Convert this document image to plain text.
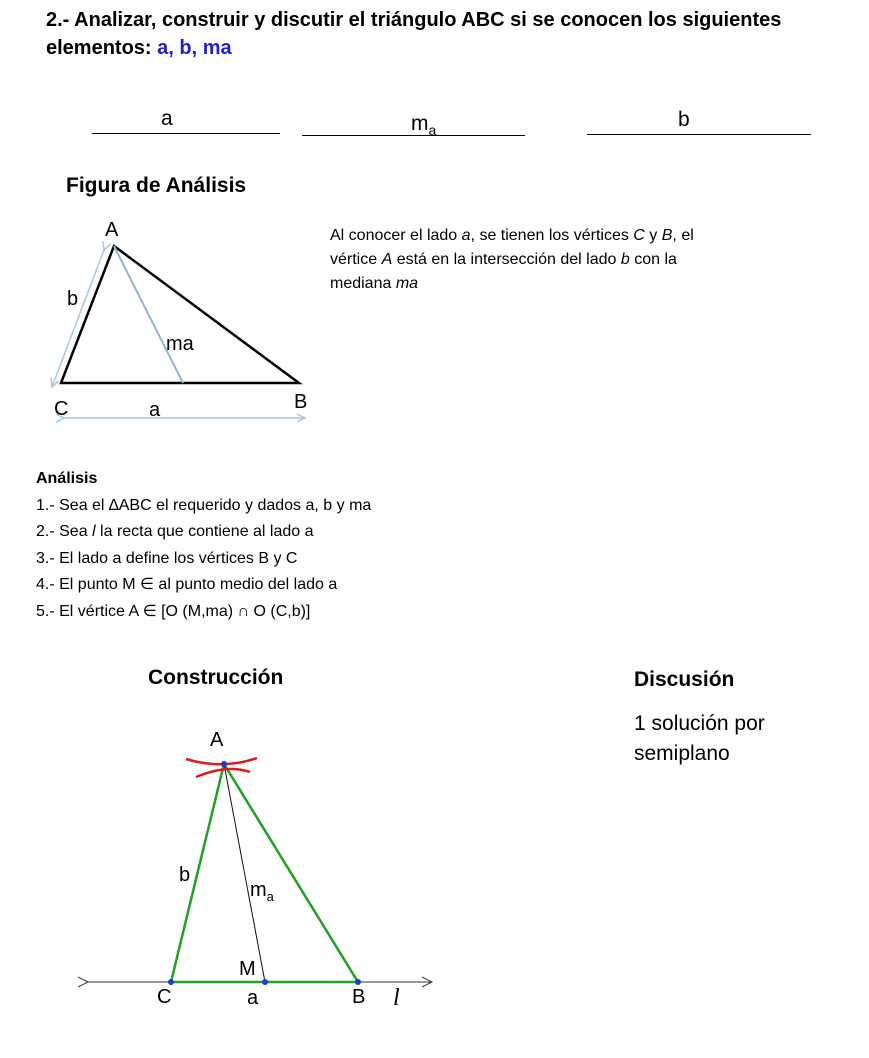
2.- Analizar, construir y discutir el triángulo ABC si se conocen los siguientes elementos: a, b, ma
a	$m_a$	b
Figura de Análisis
A
b
ma
B
C	a
Al conocer el lado a, se tienen los vértices C y B, el vértice A está en la intersección del lado b con la mediana ma
Análisis
1.- Sea el ∆ABC el requerido y dados a, b y ma
2.- Sea l la recta que contiene al lado a
3.- El lado a define los vértices B y C
4.- El punto M ∈ al punto medio del lado a
5.- El vértice A ∈ [O (M,ma) ∩ O (C,b)]
Construcción
A
b
$m_a$
M
C	a	B l
Discusión
1 solución por semiplano
